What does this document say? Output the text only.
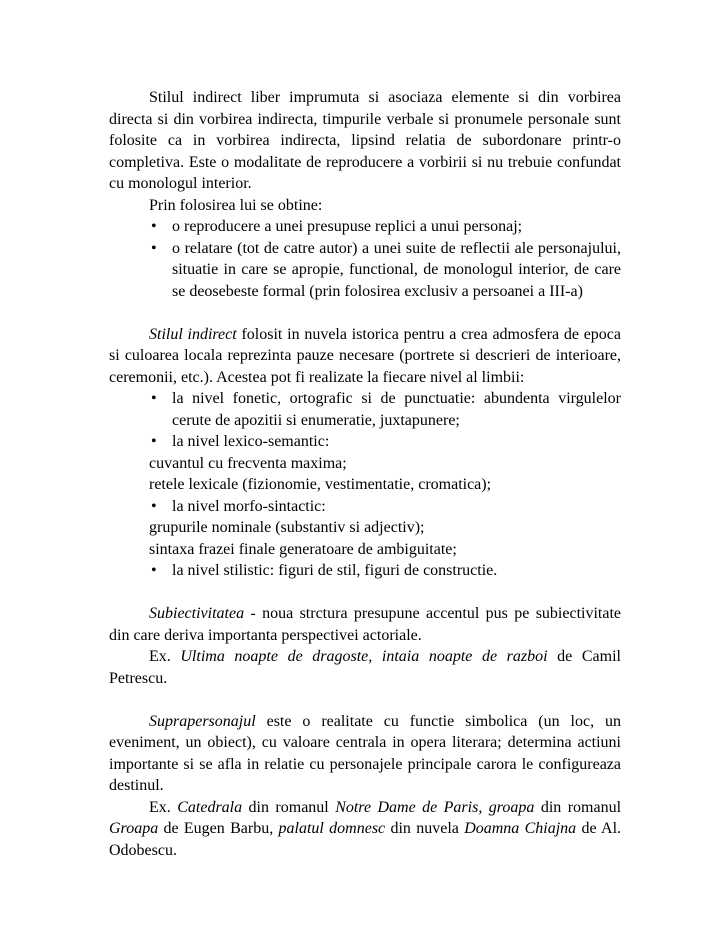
Stilul indirect liber imprumuta si asociaza elemente si din vorbirea directa si din vorbirea indirecta, timpurile verbale si pronumele personale sunt folosite ca in vorbirea indirecta, lipsind relatia de subordonare printr-o completiva. Este o modalitate de reproducere a vorbirii si nu trebuie confundat cu monologul interior.

Prin folosirea lui se obtine:

• o reproducere a unei presupuse replici a unui personaj;
• o relatare (tot de catre autor) a unei suite de reflectii ale personajului, situatie in care se apropie, functional, de monologul interior, de care se deosebeste formal (prin folosirea exclusiv a persoanei a III-a)

Stilul indirect folosit in nuvela istorica pentru a crea admosfera de epoca si culoarea locala reprezinta pauze necesare (portrete si descrieri de interioare, ceremonii, etc.). Acestea pot fi realizate la fiecare nivel al limbii:

• la nivel fonetic, ortografic si de punctuatie: abundenta virgulelor cerute de apozitii si enumeratie, juxtapunere;
• la nivel lexico-semantic:

cuvantul cu frecventa maxima;

retele lexicale (fizionomie, vestimentatie, cromatica);

• la nivel morfo-sintactic:

grupurile nominale (substantiv si adjectiv);

sintaxa frazei finale generatoare de ambiguitate;

• la nivel stilistic: figuri de stil, figuri de constructie.

Subiectivitatea - noua strctura presupune accentul pus pe subiectivitate din care deriva importanta perspectivei actoriale.

Ex. Ultima noapte de dragoste, intaia noapte de razboi de Camil Petrescu.

Suprapersonajul este o realitate cu functie simbolica (un loc, un eveniment, un obiect), cu valoare centrala in opera literara; determina actiuni importante si se afla in relatie cu personajele principale carora le configureaza destinul.

Ex. Catedrala din romanul Notre Dame de Paris, groapa din romanul Groapa de Eugen Barbu, palatul domnesc din nuvela Doamna Chiajna de Al. Odobescu.
